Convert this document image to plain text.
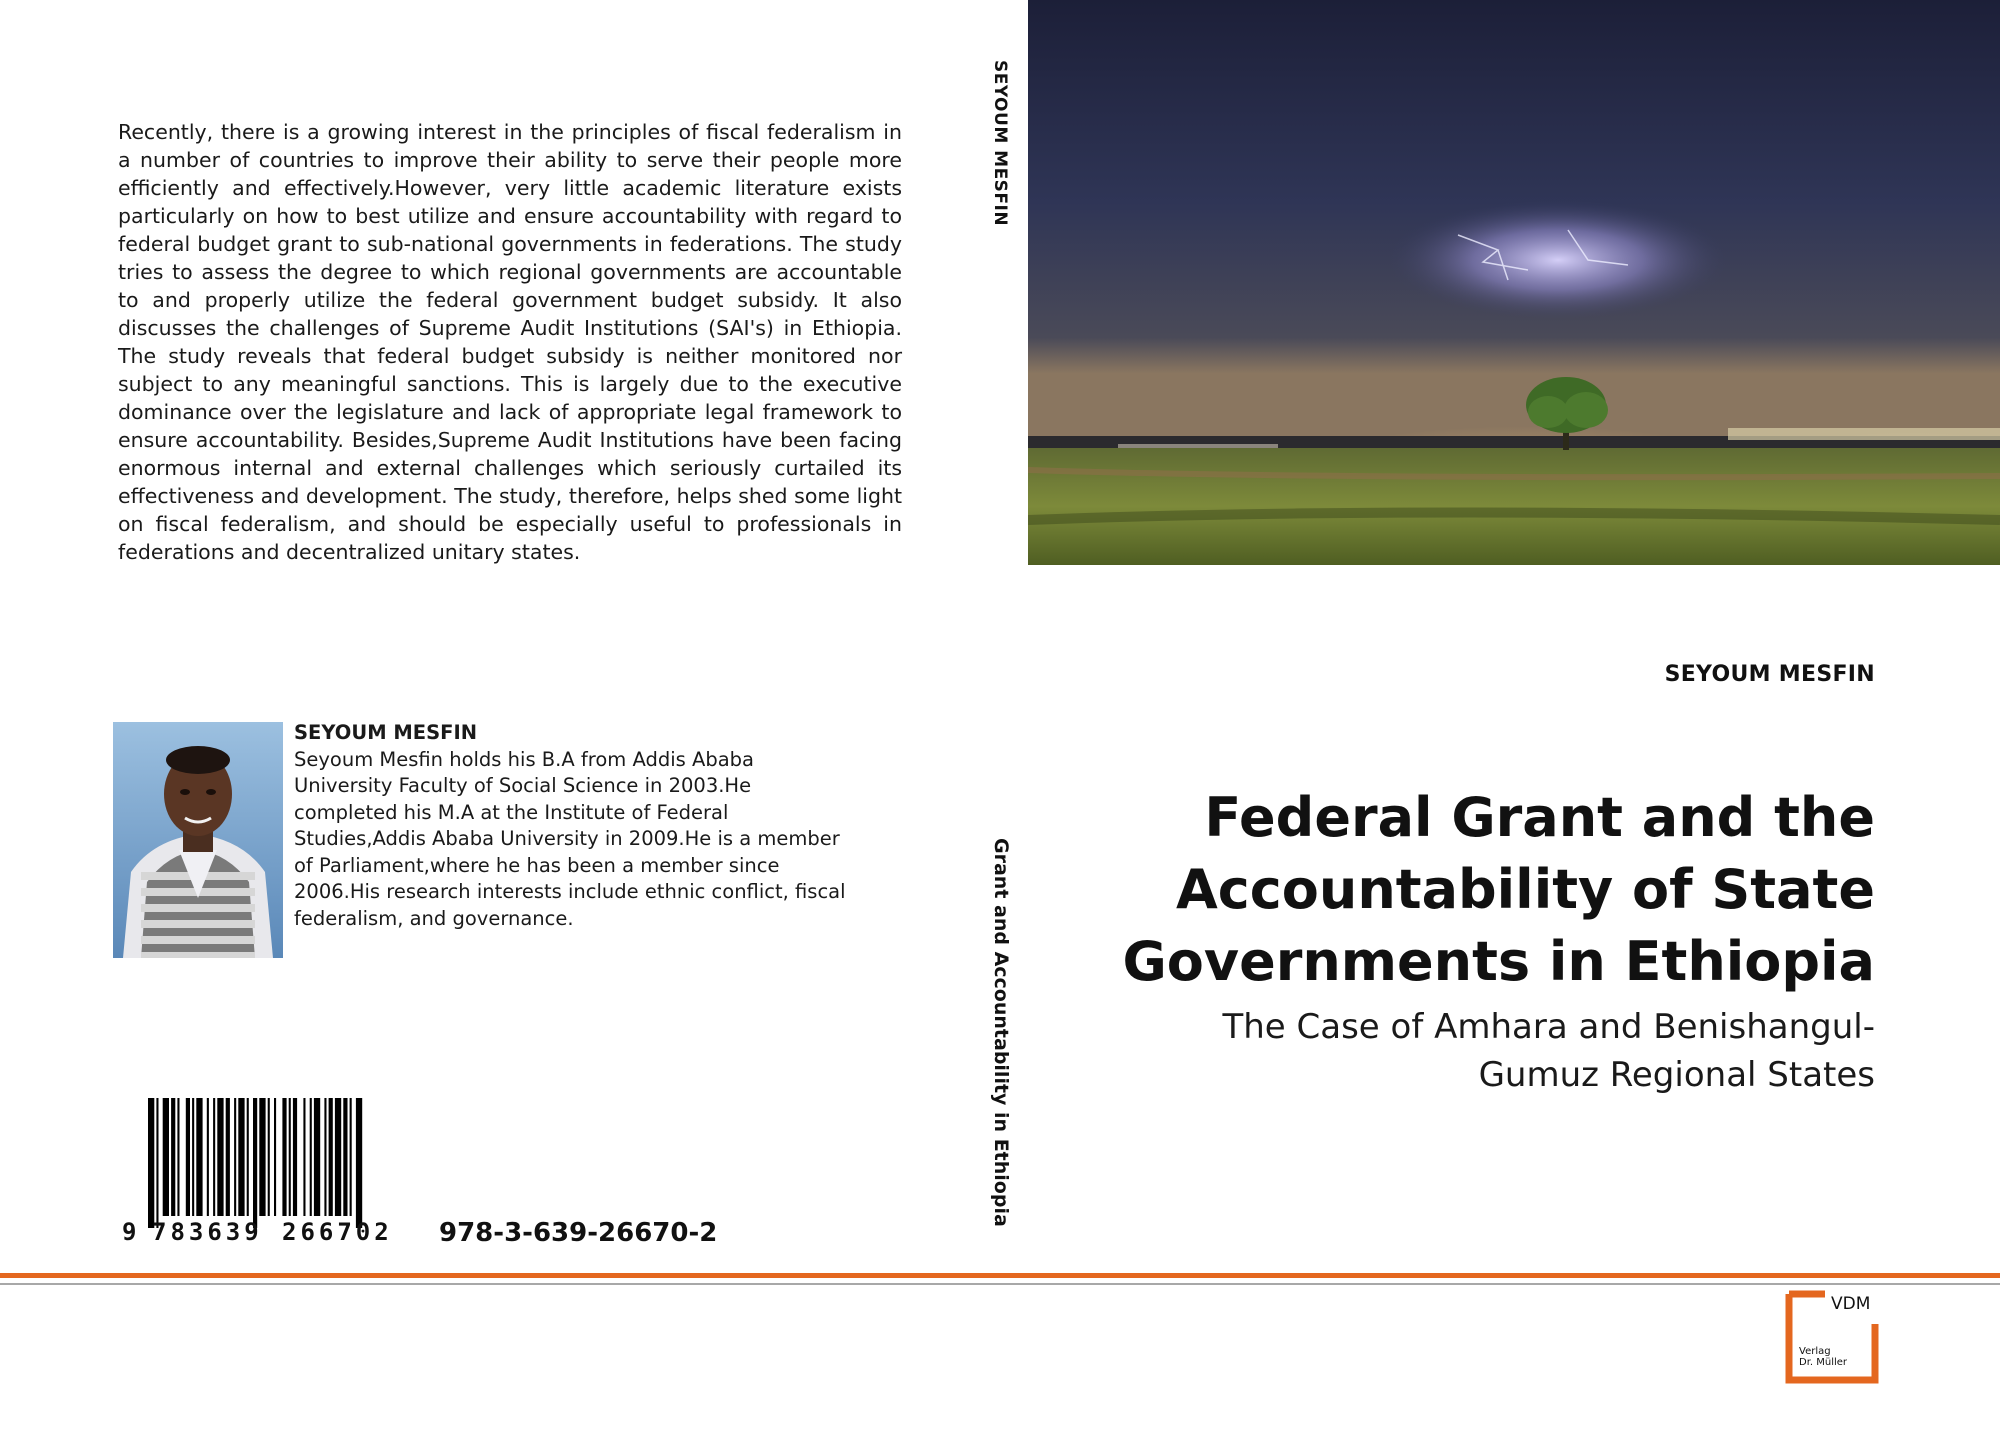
Recently, there is a growing interest in the principles of fiscal federalism in a number of countries to improve their ability to serve their people more efficiently and effectively.However, very little academic literature exists particularly on how to best utilize and ensure accountability with regard to federal budget grant to sub-national governments in federations. The study tries to assess the degree to which regional governments are accountable to and properly utilize the federal government budget subsidy. It also discusses the challenges of Supreme Audit Institutions (SAI's) in Ethiopia. The study reveals that federal budget subsidy is neither monitored nor subject to any meaningful sanctions. This is largely due to the executive dominance over the legislature and lack of appropriate legal framework to ensure accountability. Besides,Supreme Audit Institutions have been facing enormous internal and external challenges which seriously curtailed its effectiveness and development. The study, therefore, helps shed some light on fiscal federalism, and should be especially useful to professionals in federations and decentralized unitary states.
SEYOUM MESFIN
Seyoum Mesfin holds his B.A from Addis Ababa University Faculty of Social Science in 2003.He completed his M.A at the Institute of Federal Studies,Addis Ababa University in 2009.He is a member of Parliament,where he has been a member since 2006.His research interests include ethnic conflict, fiscal federalism, and governance.
9 783639 266702 978-3-639-26670-2
SEYOUM MESFIN
Grant and Accountability in Ethiopia
SEYOUM MESFIN
Federal Grant and the Accountability of State Governments in Ethiopia
The Case of Amhara and Benishangul-Gumuz Regional States
VDM
Verlag
Dr. Müller
